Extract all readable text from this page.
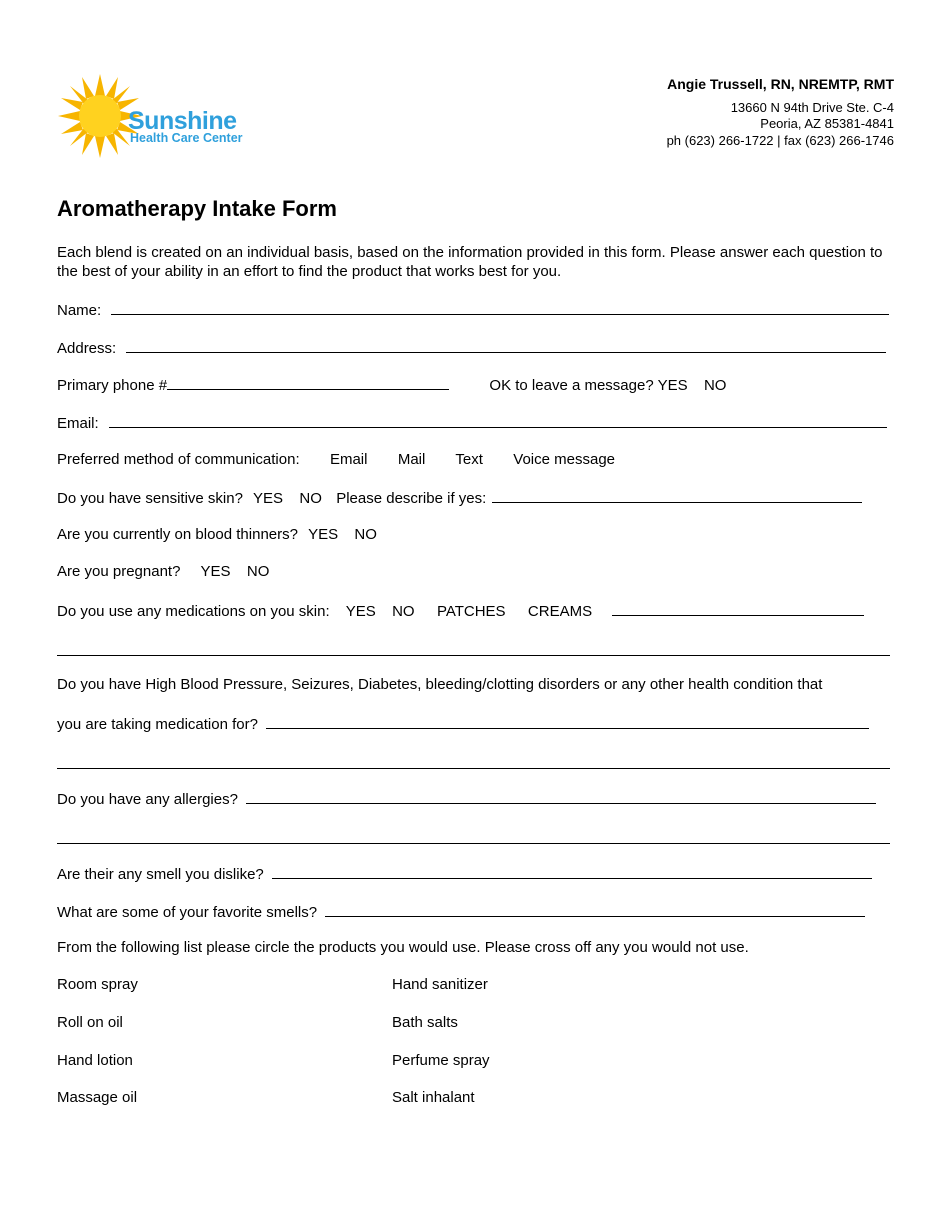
Sunshine
Health Care Center
Angie Trussell, RN, NREMTP, RMT
13660 N 94th Drive Ste. C-4
Peoria, AZ 85381-4841
ph (623) 266-1722 | fax (623) 266-1746
Aromatherapy Intake Form
Each blend is created on an individual basis, based on the information provided in this form. Please answer each question to the best of your ability in an effort to find the product that works best for you.
Name:
Address:
Primary phone #	OK to leave a message? YES NO
Email:
Preferred method of communication: Email Mail Text Voice message
Do you have sensitive skin? YES NO Please describe if yes:
Are you currently on blood thinners? YES NO
Are you pregnant? YES NO
Do you use any medications on you skin: YES NO PATCHES CREAMS
Do you have High Blood Pressure, Seizures, Diabetes, bleeding/clotting disorders or any other health condition that
you are taking medication for?
Do you have any allergies?
Are their any smell you dislike?
What are some of your favorite smells?
From the following list please circle the products you would use. Please cross off any you would not use.
Room spray
Roll on oil
Hand lotion
Massage oil
Hand sanitizer
Bath salts
Perfume spray
Salt inhalant
